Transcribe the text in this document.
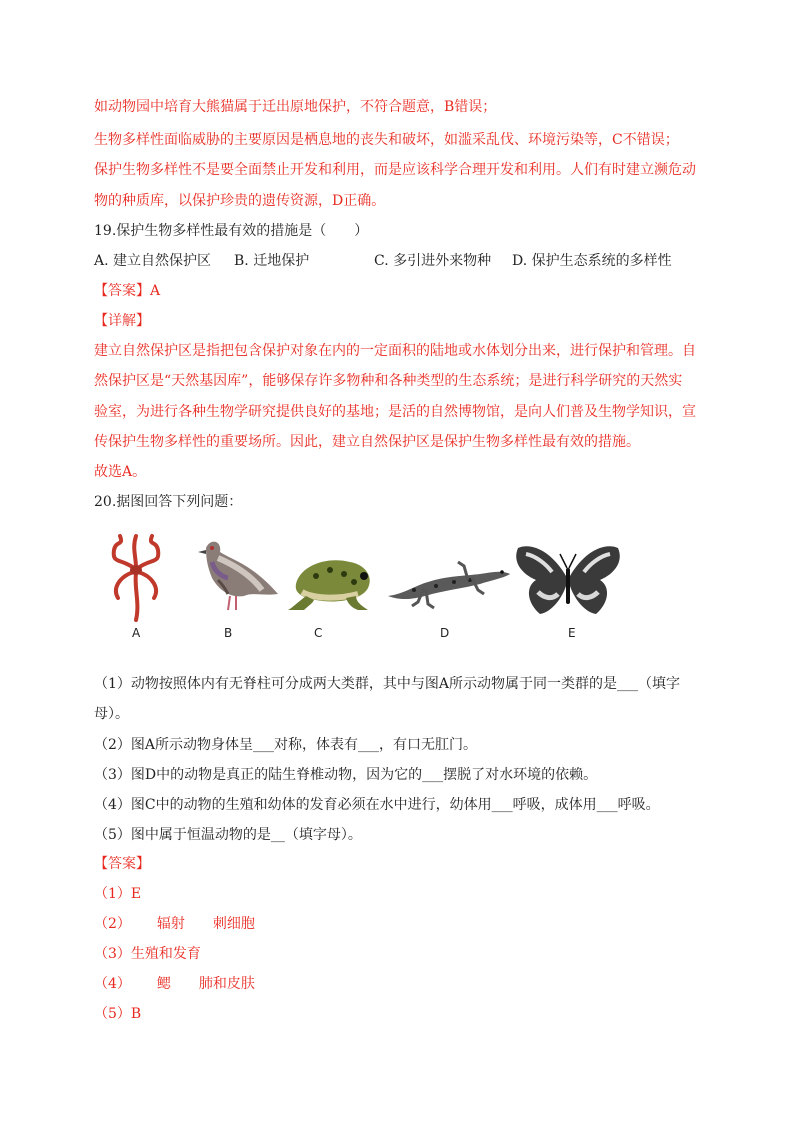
如动物园中培育大熊猫属于迁出原地保护，不符合题意，B错误；
生物多样性面临威胁的主要原因是栖息地的丧失和破坏，如滥采乱伐、环境污染等，C不错误；
保护生物多样性不是要全面禁止开发和利用，而是应该科学合理开发和利用。人们有时建立濒危动
物的种质库，以保护珍贵的遗传资源，D正确。
19.保护生物多样性最有效的措施是（　　）
A. 建立自然保护区 B. 迁地保护	C. 多引进外来物种 D. 保护生态系统的多样性
【答案】A
【详解】
建立自然保护区是指把包含保护对象在内的一定面积的陆地或水体划分出来，进行保护和管理。自
然保护区是“天然基因库”，能够保存许多物种和各种类型的生态系统；是进行科学研究的天然实
验室，为进行各种生物学研究提供良好的基地；是活的自然博物馆，是向人们普及生物学知识，宣
传保护生物多样性的重要场所。因此，建立自然保护区是保护生物多样性最有效的措施。
故选A。
20.据图回答下列问题：
A	B	C	D	E
（1）动物按照体内有无脊柱可分成两大类群，其中与图A所示动物属于同一类群的是___（填字
母）。
（2）图A所示动物身体呈___对称，体表有___，有口无肛门。
（3）图D中的动物是真正的陆生脊椎动物，因为它的___摆脱了对水环境的依赖。
（4）图C中的动物的生殖和幼体的发育必须在水中进行，幼体用___呼吸，成体用___呼吸。
（5）图中属于恒温动物的是__（填字母）。
【答案】
（1）E
（2） 辐射 刺细胞
（3）生殖和发育
（4） 鳃 肺和皮肤
（5）B
